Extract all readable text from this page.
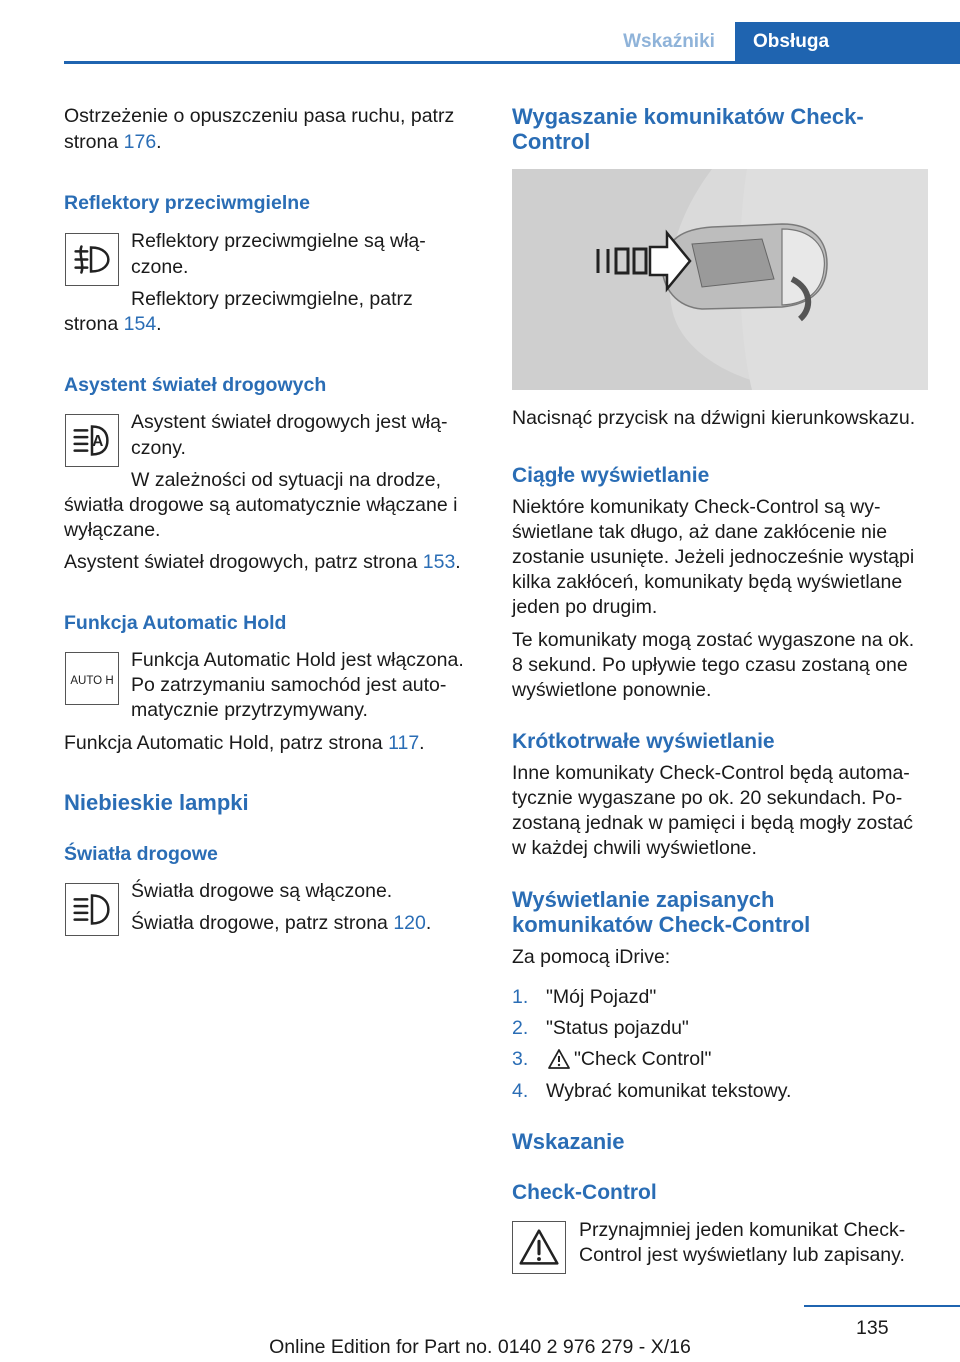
Wskaźniki	Obsługa

Ostrzeżenie o opuszczeniu pasa ruchu, patrz

strona 176.

Reflektory przeciwmgielne

Reflektory przeciwmgielne są włą‐

czone.

Reflektory przeciwmgielne, patrz

strona 154.

Asystent świateł drogowych

A

Asystent świateł drogowych jest włą‐

czony.

W zależności od sytuacji na drodze,

światła drogowe są automatycznie włączane i

wyłączane.

Asystent świateł drogowych, patrz strona 153.

Funkcja Automatic Hold

AUTO H

Funkcja Automatic Hold jest włączona.

Po zatrzymaniu samochód jest auto‐

matycznie przytrzymywany.

Funkcja Automatic Hold, patrz strona 117.

Niebieskie lampki

Światła drogowe

Światła drogowe są włączone.

Światła drogowe, patrz strona 120.

Wygaszanie komunikatów Check-

Control

Nacisnąć przycisk na dźwigni kierunkowskazu.

Ciągłe wyświetlanie

Niektóre komunikaty Check-Control są wy‐

świetlane tak długo, aż dane zakłócenie nie

zostanie usunięte. Jeżeli jednocześnie wystąpi

kilka zakłóceń, komunikaty będą wyświetlane

jeden po drugim.

Te komunikaty mogą zostać wygaszone na ok.

8 sekund. Po upływie tego czasu zostaną one

wyświetlone ponownie.

Krótkotrwałe wyświetlanie

Inne komunikaty Check-Control będą automa‐

tycznie wygaszane po ok. 20 sekundach. Po‐

zostaną jednak w pamięci i będą mogły zostać

w każdej chwili wyświetlone.

Wyświetlanie zapisanych

komunikatów Check-Control

Za pomocą iDrive:

1. "Mój Pojazd"
2. "Status pojazdu"
3. "Check Control"
4. Wybrać komunikat tekstowy.

Wskazanie

Check-Control

Przynajmniej jeden komunikat Check-

Control jest wyświetlany lub zapisany.

135
Online Edition for Part no. 0140 2 976 279 - X/16
